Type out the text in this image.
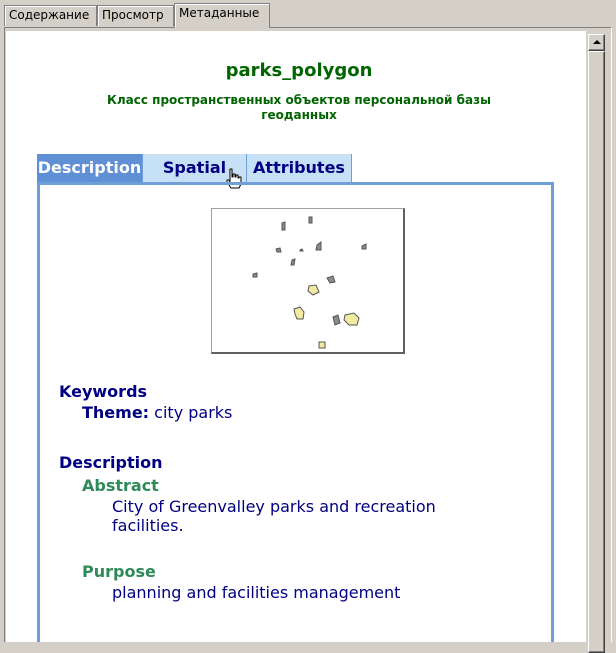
Содержание	Просмотр	Метаданные
parks_polygon
Класс пространственных объектов персональной базы геоданных
Description	Spatial	Attributes
Keywords
Theme: city parks
Description
Abstract
City of Greenvalley parks and recreation facilities.
Purpose
planning and facilities management
